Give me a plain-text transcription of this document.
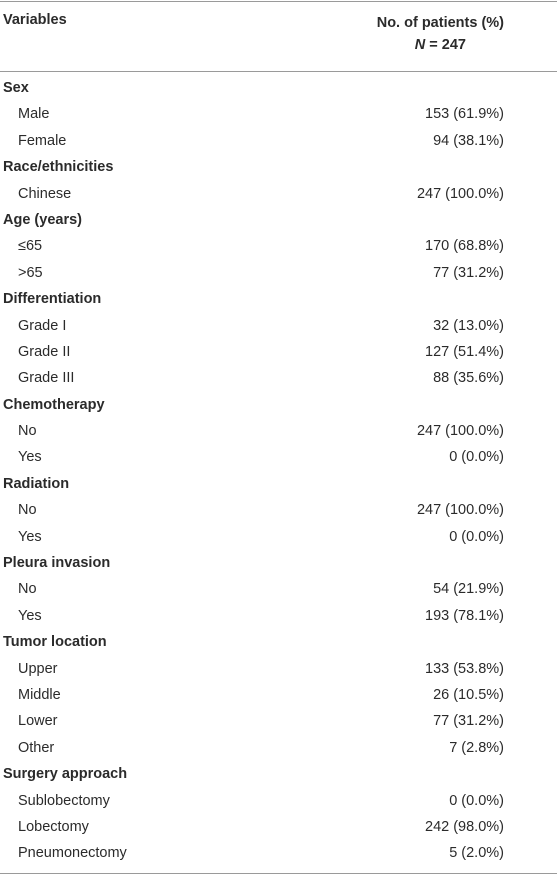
Variables	No. of patients (%)
N = 247
Sex
Male	153 (61.9%)
Female	94 (38.1%)
Race/ethnicities
Chinese	247 (100.0%)
Age (years)
≤65	170 (68.8%)
>65	77 (31.2%)
Differentiation
Grade I	32 (13.0%)
Grade II	127 (51.4%)
Grade III	88 (35.6%)
Chemotherapy
No	247 (100.0%)
Yes	0 (0.0%)
Radiation
No	247 (100.0%)
Yes	0 (0.0%)
Pleura invasion
No	54 (21.9%)
Yes	193 (78.1%)
Tumor location
Upper	133 (53.8%)
Middle	26 (10.5%)
Lower	77 (31.2%)
Other	7 (2.8%)
Surgery approach
Sublobectomy	0 (0.0%)
Lobectomy	242 (98.0%)
Pneumonectomy	5 (2.0%)
